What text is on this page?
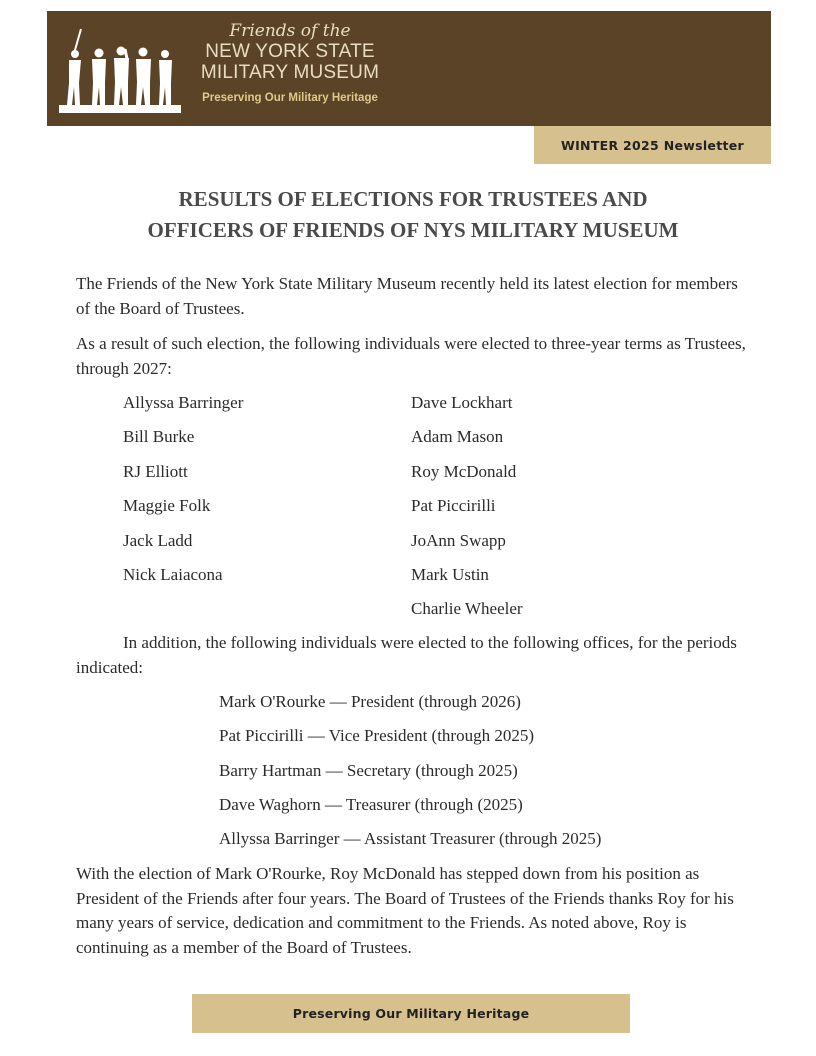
Friends of the
NEW YORK STATE
MILITARY MUSEUM
Preserving Our Military Heritage
WINTER 2025 Newsletter
RESULTS OF ELECTIONS FOR TRUSTEES AND
OFFICERS OF FRIENDS OF NYS MILITARY MUSEUM

The Friends of the New York State Military Museum recently held its latest election for members of the Board of Trustees.

As a result of such election, the following individuals were elected to three-year terms as Trustees, through 2027:

Allyssa Barringer
Bill Burke
RJ Elliott
Maggie Folk
Jack Ladd
Nick Laiacona
Dave Lockhart
Adam Mason
Roy McDonald
Pat Piccirilli
JoAnn Swapp
Mark Ustin
Charlie Wheeler

In addition, the following individuals were elected to the following offices, for the periods indicated:

Mark O'Rourke — President (through 2026)
Pat Piccirilli — Vice President (through 2025)
Barry Hartman — Secretary (through 2025)
Dave Waghorn — Treasurer (through (2025)
Allyssa Barringer — Assistant Treasurer (through 2025)

With the election of Mark O'Rourke, Roy McDonald has stepped down from his position as President of the Friends after four years. The Board of Trustees of the Friends thanks Roy for his many years of service, dedication and commitment to the Friends. As noted above, Roy is continuing as a member of the Board of Trustees.

Preserving Our Military Heritage
